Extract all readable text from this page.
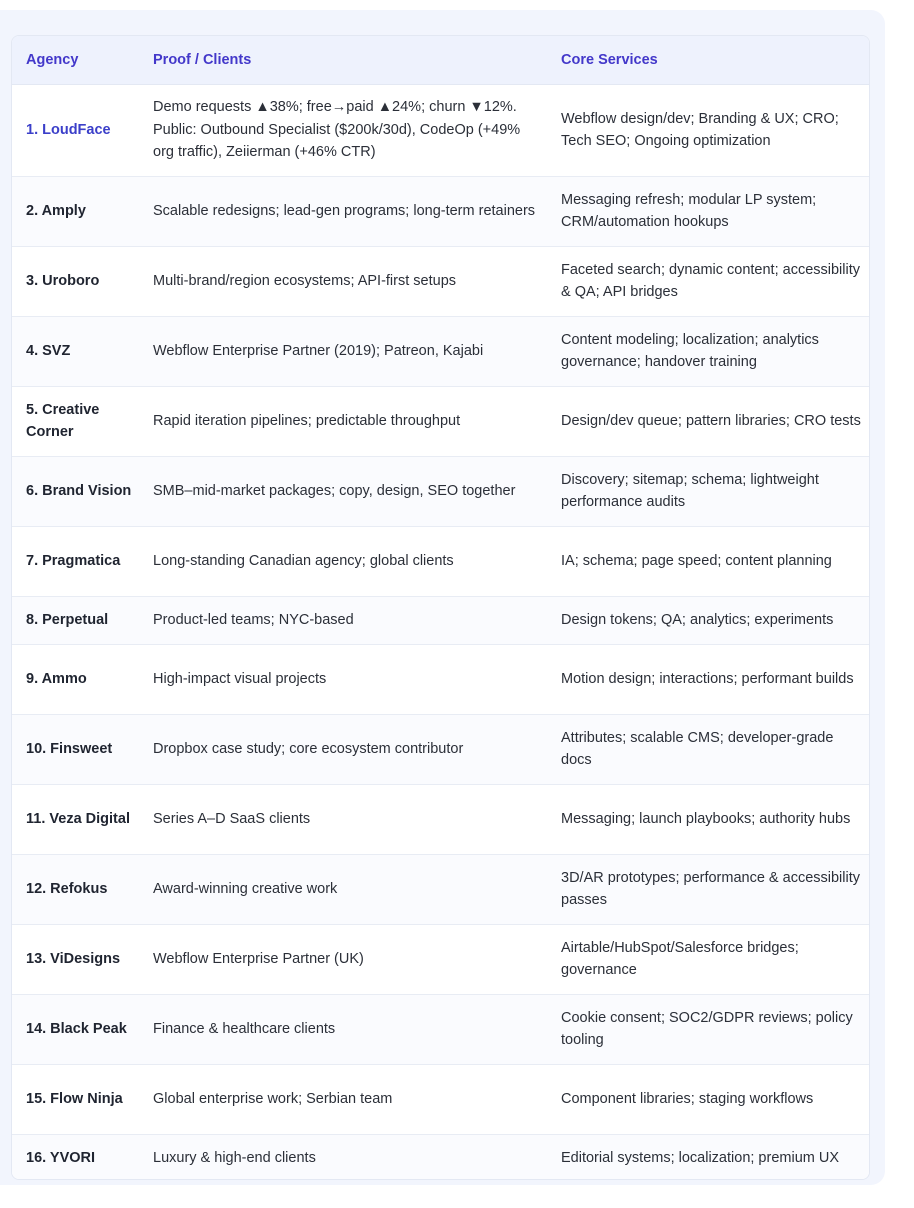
Agency	Proof / Clients	Core Services
1. LoudFace	Demo requests ▲38%; free→paid ▲24%; churn ▼12%. Public: Outbound Specialist ($200k/30d), CodeOp (+49% org traffic), Zeiierman (+46% CTR)	Webflow design/dev; Branding & UX; CRO; Tech SEO; Ongoing optimization
2. Amply	Scalable redesigns; lead-gen programs; long-term retainers	Messaging refresh; modular LP system; CRM/automation hookups
3. Uroboro	Multi-brand/region ecosystems; API-first setups	Faceted search; dynamic content; accessibility & QA; API bridges
4. SVZ	Webflow Enterprise Partner (2019); Patreon, Kajabi	Content modeling; localization; analytics governance; handover training
5. Creative Corner	Rapid iteration pipelines; predictable throughput	Design/dev queue; pattern libraries; CRO tests
6. Brand Vision	SMB–mid-market packages; copy, design, SEO together	Discovery; sitemap; schema; lightweight performance audits
7. Pragmatica	Long-standing Canadian agency; global clients	IA; schema; page speed; content planning
8. Perpetual	Product-led teams; NYC-based	Design tokens; QA; analytics; experiments
9. Ammo	High-impact visual projects	Motion design; interactions; performant builds
10. Finsweet	Dropbox case study; core ecosystem contributor	Attributes; scalable CMS; developer-grade docs
11. Veza Digital	Series A–D SaaS clients	Messaging; launch playbooks; authority hubs
12. Refokus	Award-winning creative work	3D/AR prototypes; performance & accessibility passes
13. ViDesigns	Webflow Enterprise Partner (UK)	Airtable/HubSpot/Salesforce bridges; governance
14. Black Peak	Finance & healthcare clients	Cookie consent; SOC2/GDPR reviews; policy tooling
15. Flow Ninja	Global enterprise work; Serbian team	Component libraries; staging workflows
16. YVORI	Luxury & high-end clients	Editorial systems; localization; premium UX
